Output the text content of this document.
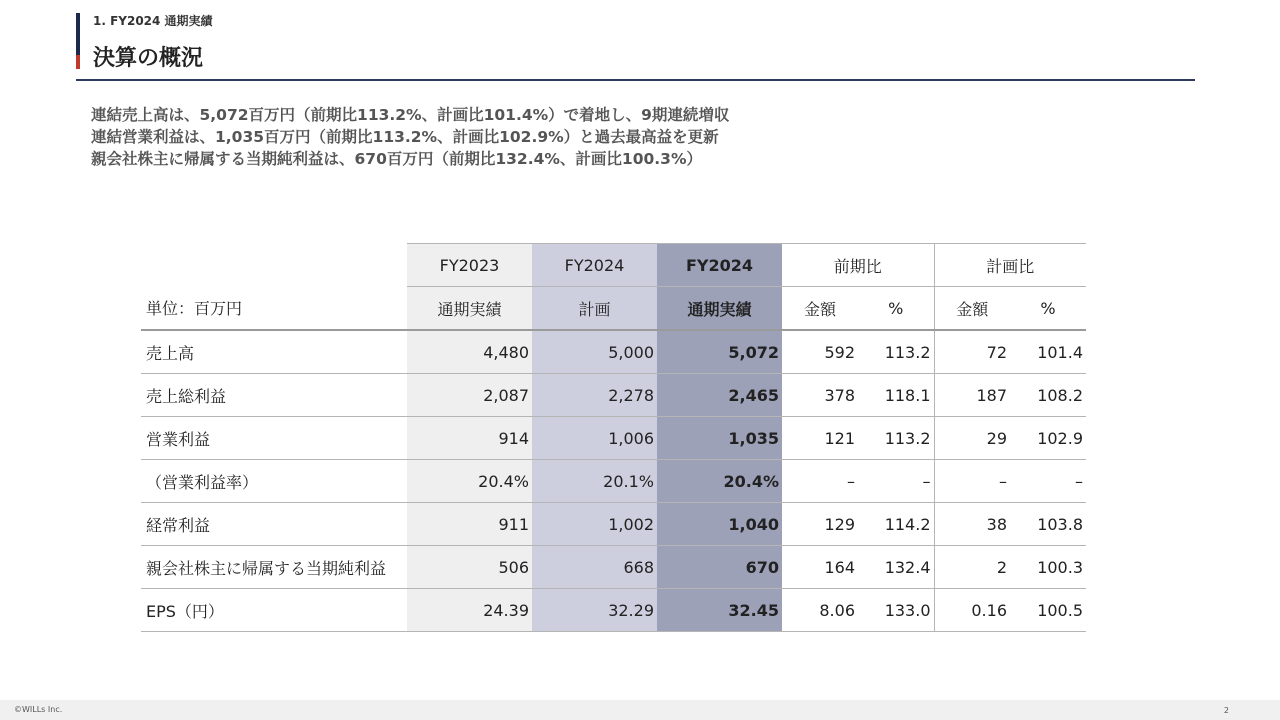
1. FY2024 通期実績
決算の概況
連結売上高は、5,072百万円（前期比113.2%、計画比101.4%）で着地し、9期連続増収
連結営業利益は、1,035百万円（前期比113.2%、計画比102.9%）と過去最高益を更新
親会社株主に帰属する当期純利益は、670百万円（前期比132.4%、計画比100.3%）
	FY2023	FY2024	FY2024	前期比		計画比	
単位：百万円	通期実績	計画	通期実績	金額	%	金額	%
売上高	4,480	5,000	5,072	592	113.2	72	101.4
売上総利益	2,087	2,278	2,465	378	118.1	187	108.2
営業利益	914	1,006	1,035	121	113.2	29	102.9
（営業利益率）	20.4%	20.1%	20.4%	–	–	–	–
経常利益	911	1,002	1,040	129	114.2	38	103.8
親会社株主に帰属する当期純利益	506	668	670	164	132.4	2	100.3
EPS（円）	24.39	32.29	32.45	8.06	133.0	0.16	100.5
©WILLs Inc.	2
